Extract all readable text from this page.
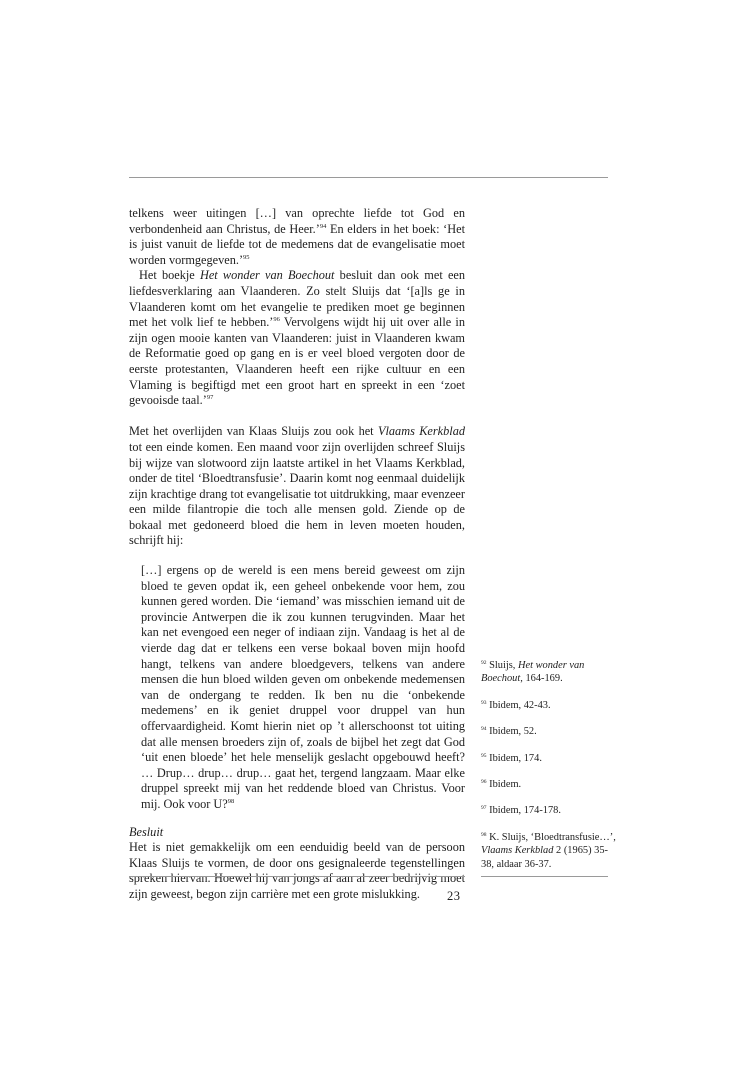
telkens weer uitingen […] van oprechte liefde tot God en verbondenheid aan Christus, de Heer.’$^{94}$ En elders in het boek: ‘Het is juist vanuit de liefde tot de medemens dat de evangelisatie moet worden vormgegeven.’$^{95}$

Het boekje Het wonder van Boechout besluit dan ook met een liefdesverklaring aan Vlaanderen. Zo stelt Sluijs dat ‘[a]ls ge in Vlaanderen komt om het evangelie te prediken moet ge beginnen met het volk lief te hebben.’$^{96}$ Vervolgens wijdt hij uit over alle in zijn ogen mooie kanten van Vlaanderen: juist in Vlaanderen kwam de Reformatie goed op gang en is er veel bloed vergoten door de eerste protestanten, Vlaanderen heeft een rijke cultuur en een Vlaming is begiftigd met een groot hart en spreekt in een ‘zoet gevooisde taal.’$^{97}$

Met het overlijden van Klaas Sluijs zou ook het Vlaams Kerkblad tot een einde komen. Een maand voor zijn overlijden schreef Sluijs bij wijze van slotwoord zijn laatste artikel in het Vlaams Kerkblad, onder de titel ‘Bloedtransfusie’. Daarin komt nog eenmaal duidelijk zijn krachtige drang tot evangelisatie tot uitdrukking, maar evenzeer een milde filantropie die toch alle mensen gold. Ziende op de bokaal met gedoneerd bloed die hem in leven moeten houden, schrijft hij:

[…] ergens op de wereld is een mens bereid geweest om zijn bloed te geven opdat ik, een geheel onbekende voor hem, zou kunnen gered worden. Die ‘iemand’ was misschien iemand uit de provincie Antwerpen die ik zou kunnen terugvinden. Maar het kan net evengoed een neger of indiaan zijn. Vandaag is het al de vierde dag dat er telkens een verse bokaal boven mijn hoofd hangt, telkens van andere bloedgevers, telkens van andere mensen die hun bloed wilden geven om onbekende medemensen van de ondergang te redden. Ik ben nu die ‘onbekende medemens’ en ik geniet druppel voor druppel van hun offervaardigheid. Komt hierin niet op ’t allerschoonst tot uiting dat alle mensen broeders zijn of, zoals de bijbel het zegt dat God ‘uit enen bloede’ het hele menselijk geslacht opgebouwd heeft? … Drup… drup… drup… gaat het, tergend langzaam. Maar elke druppel spreekt mij van het reddende bloed van Christus. Voor mij. Ook voor U?$^{98}$

Besluit

Het is niet gemakkelijk om een eenduidig beeld van de persoon Klaas Sluijs te vormen, de door ons gesignaleerde tegenstellingen spreken hiervan. Hoewel hij van jongs af aan al zeer bedrijvig moet zijn geweest, begon zijn carrière met een grote mislukking.

$^{92}$ Sluijs, Het wonder van Boechout, 164-169.

$^{93}$ Ibidem, 42-43.

$^{94}$ Ibidem, 52.

$^{95}$ Ibidem, 174.

$^{96}$ Ibidem.

$^{97}$ Ibidem, 174-178.

$^{98}$ K. Sluijs, ‘Bloedtransfusie…’, Vlaams Kerkblad 2 (1965) 35-38, aldaar 36-37.

23
